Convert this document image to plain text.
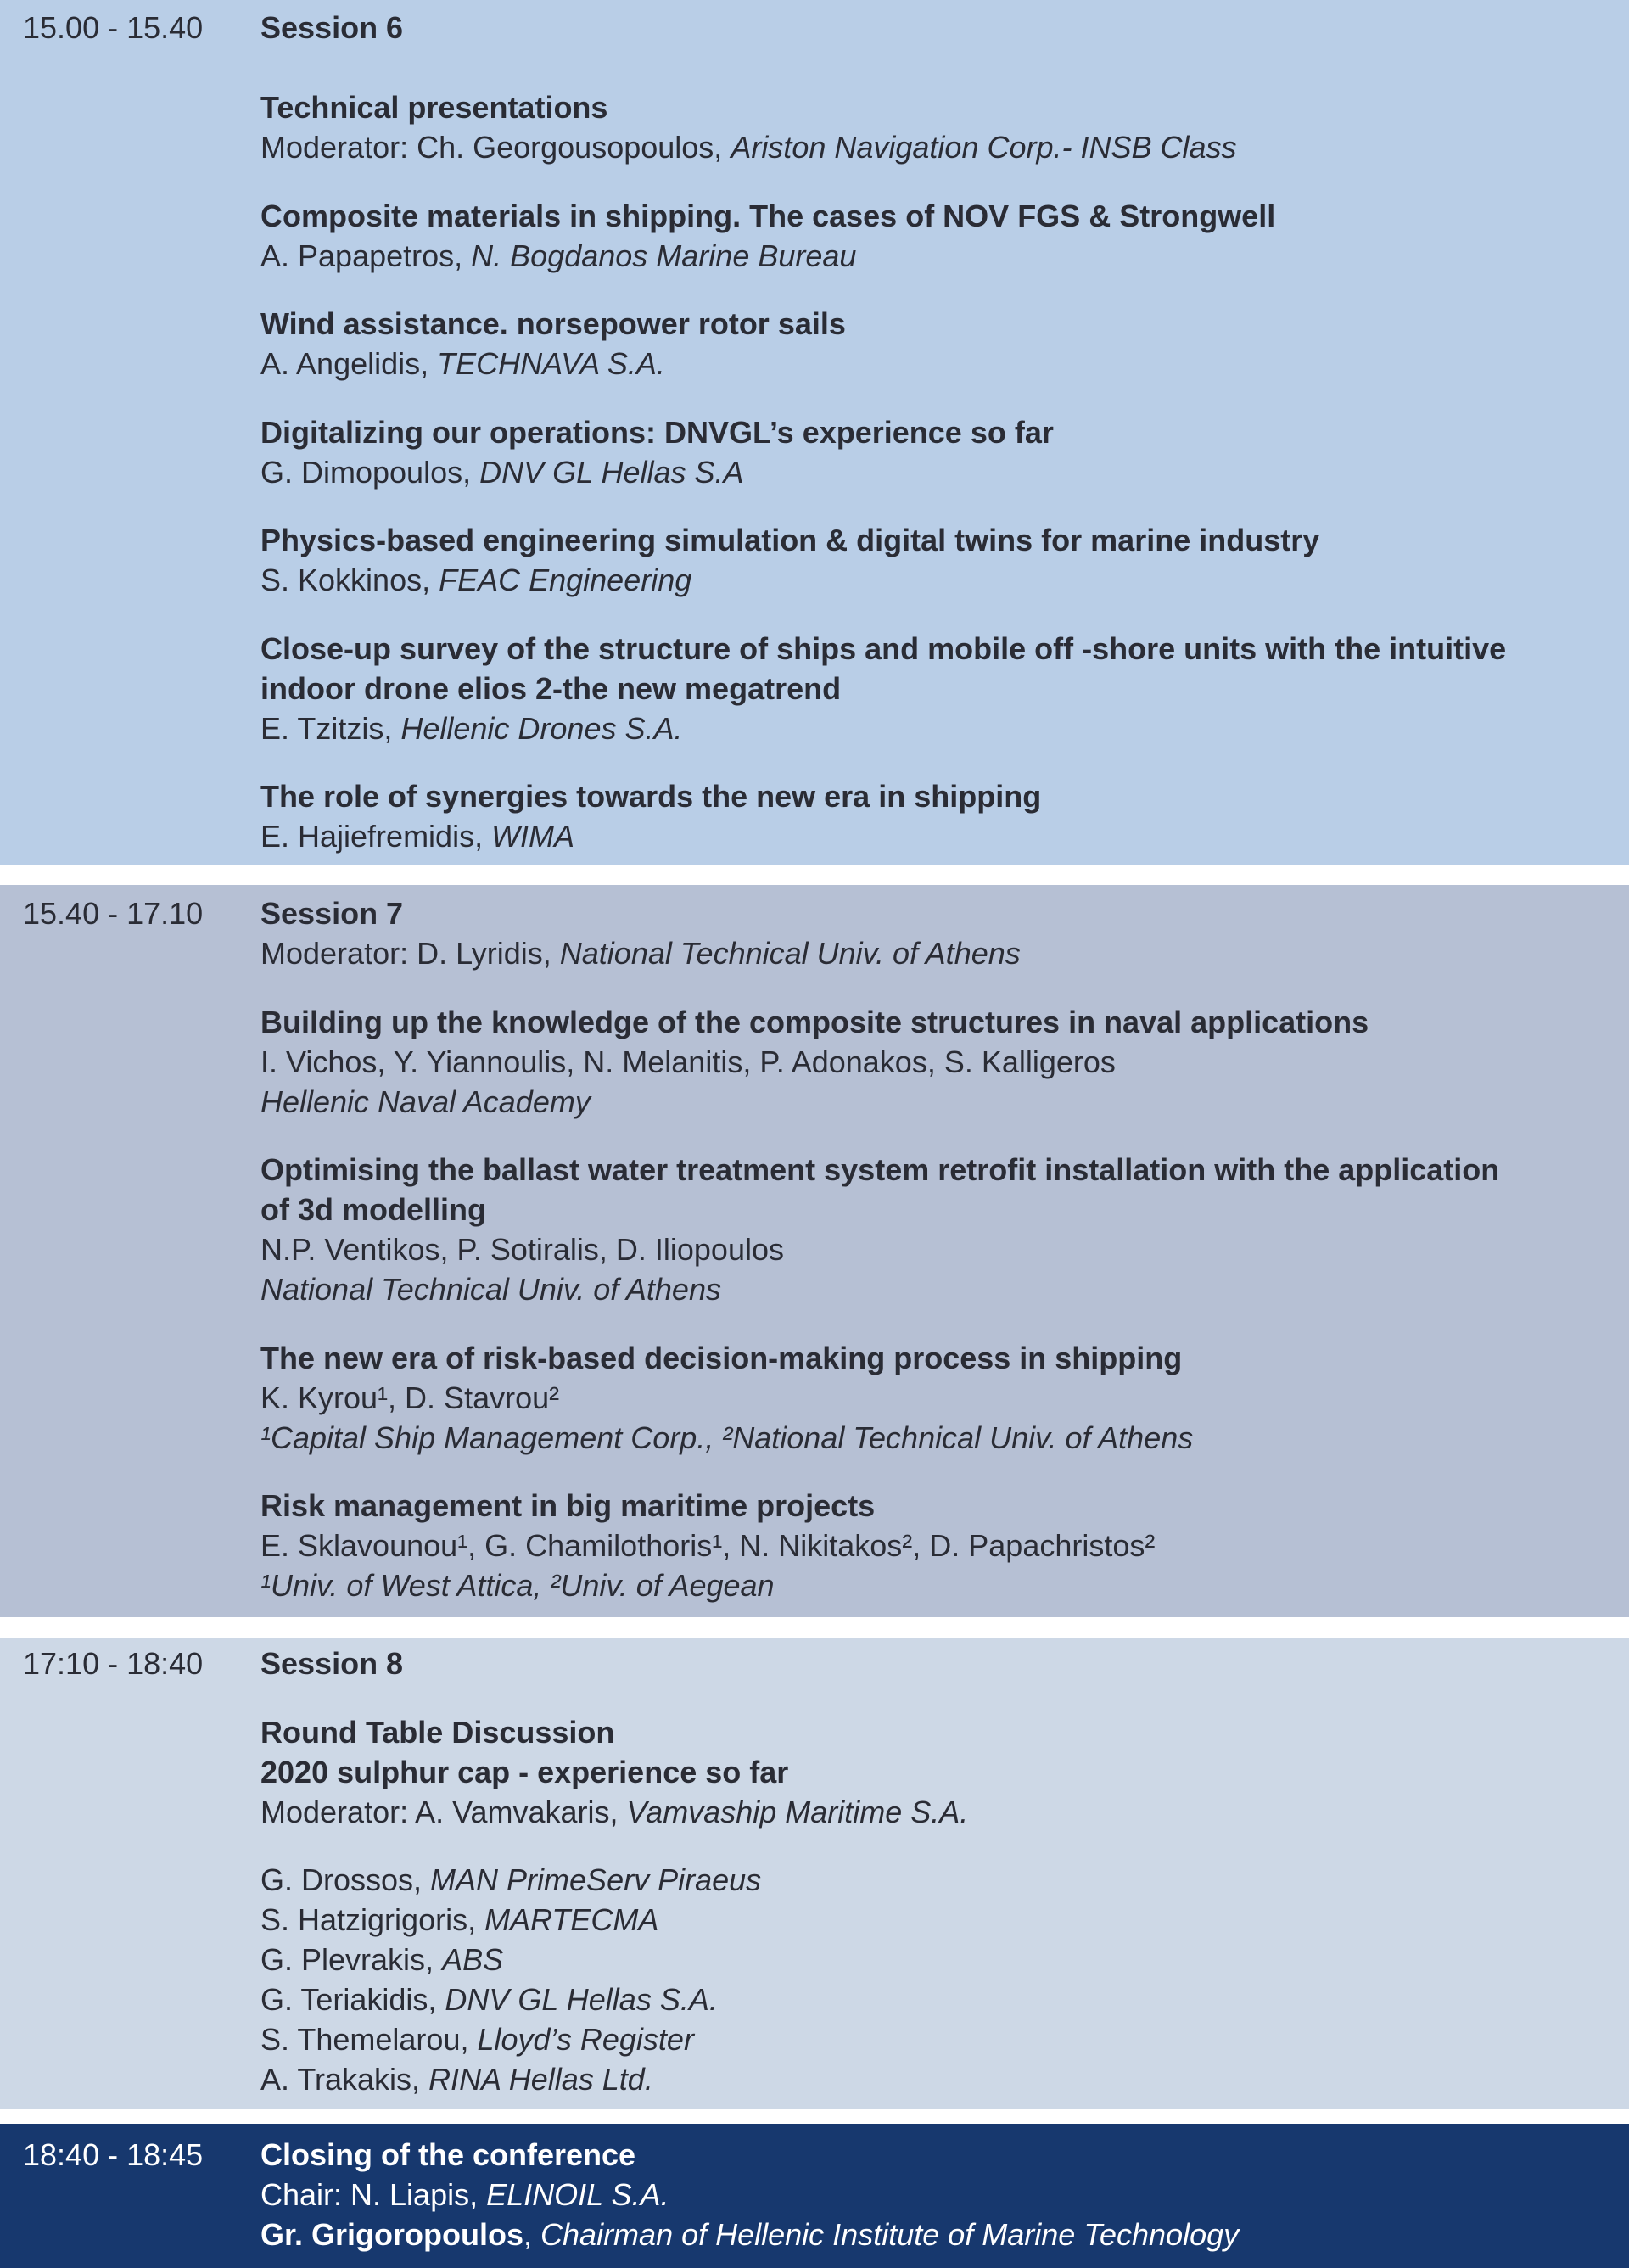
15.00 - 15.40	Session 6
Technical presentations
Moderator: Ch. Georgousopoulos, Ariston Navigation Corp.- INSB Class
Composite materials in shipping. The cases of NOV FGS & Strongwell
A. Papapetros, N. Bogdanos Marine Bureau
Wind assistance. norsepower rotor sails
A. Angelidis, TECHNAVA S.A.
Digitalizing our operations: DNVGL’s experience so far
G. Dimopoulos, DNV GL Hellas S.A
Physics-based engineering simulation & digital twins for marine industry
S. Kokkinos, FEAC Engineering
Close-up survey of the structure of ships and mobile off -shore units with the intuitive
indoor drone elios 2-the new megatrend
E. Tzitzis, Hellenic Drones S.A.
The role of synergies towards the new era in shipping
E. Hajiefremidis, WIMA
15.40 - 17.10	Session 7
Moderator: D. Lyridis, National Technical Univ. of Athens
Building up the knowledge of the composite structures in naval applications
I. Vichos, Y. Yiannoulis, N. Melanitis, P. Adonakos, S. Kalligeros
Hellenic Naval Academy
Optimising the ballast water treatment system retrofit installation with the application
of 3d modelling
N.P. Ventikos, P. Sotiralis, D. Iliopoulos
National Technical Univ. of Athens
The new era of risk-based decision-making process in shipping
K. Kyrou¹, D. Stavrou²
¹Capital Ship Management Corp., ²National Technical Univ. of Athens
Risk management in big maritime projects
E. Sklavounou¹, G. Chamilothoris¹, N. Nikitakos², D. Papachristos²
¹Univ. of West Attica, ²Univ. of Aegean
17:10 - 18:40	Session 8
Round Table Discussion
2020 sulphur cap - experience so far
Moderator: A. Vamvakaris, Vamvaship Maritime S.A.
G. Drossos, MAN PrimeServ Piraeus
S. Hatzigrigoris, MARTECMA
G. Plevrakis, ABS
G. Teriakidis, DNV GL Hellas S.A.
S. Themelarou, Lloyd’s Register
A. Trakakis, RINA Hellas Ltd.
18:40 - 18:45	Closing of the conference
Chair: N. Liapis, ELINOIL S.A.
Gr. Grigoropoulos, Chairman of Hellenic Institute of Marine Technology
